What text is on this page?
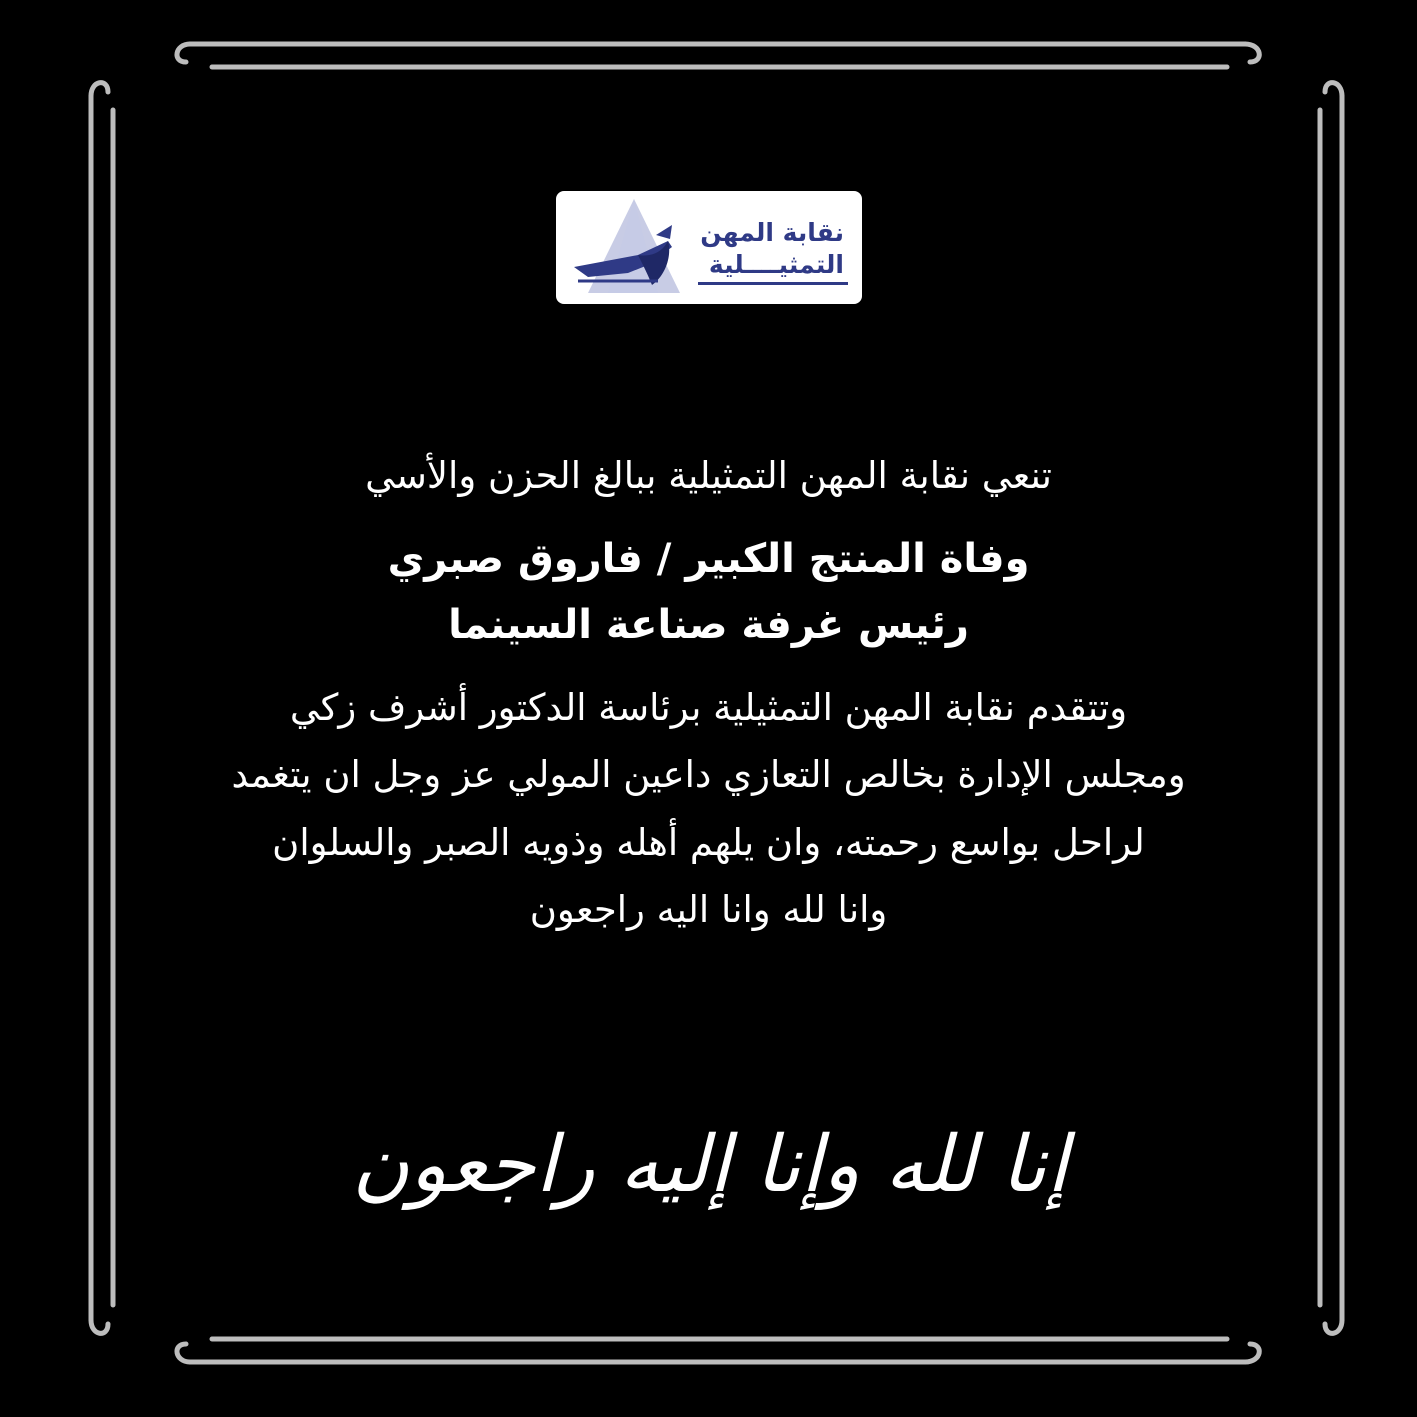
نقابة المهن
التمثيــــلية
تنعي نقابة المهن التمثيلية ببالغ الحزن والأسي
وفاة المنتج الكبير / فاروق صبري
رئيس غرفة صناعة السينما
وتتقدم نقابة المهن التمثيلية برئاسة الدكتور أشرف زكي
ومجلس الإدارة بخالص التعازي داعين المولي عز وجل ان يتغمد
لراحل بواسع رحمته، وان يلهم أهله وذويه الصبر والسلوان
وانا لله وانا اليه راجعون
إنا لله وإنا إليه راجعون
